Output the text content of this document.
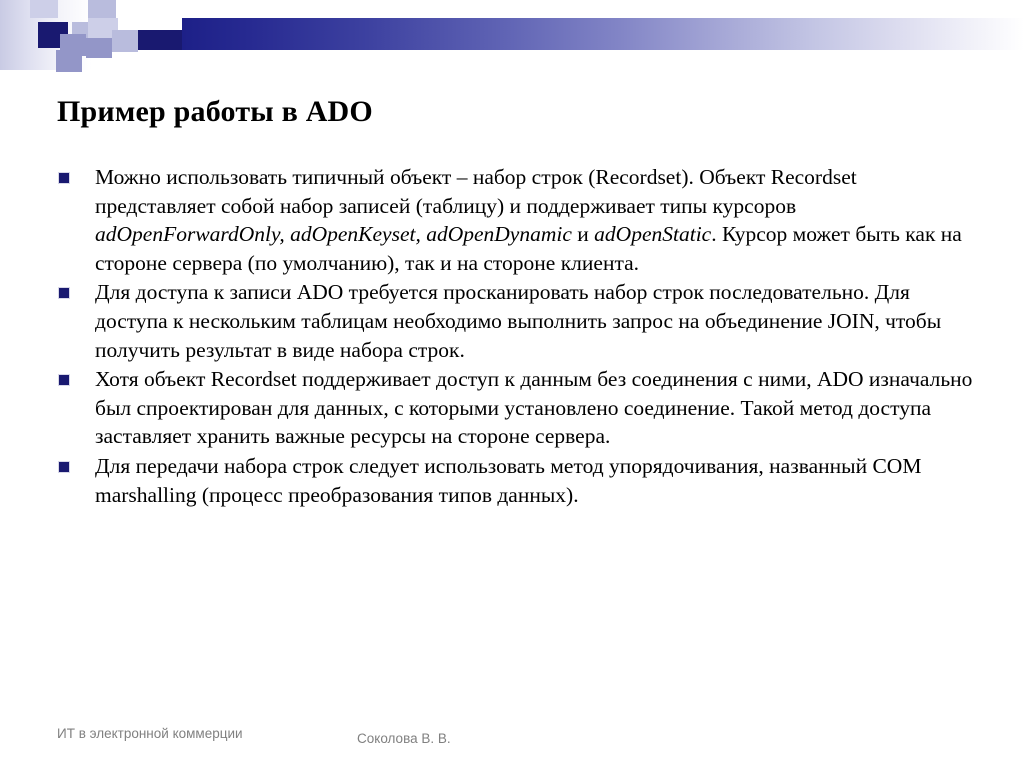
Пример работы в ADO
Можно использовать типичный объект – набор строк (Recordset). Объект Recordset представляет собой набор записей (таблицу) и поддерживает типы курсоров adOpenForwardOnly, adOpenKeyset, adOpenDynamic и adOpenStatic. Курсор может быть как на стороне сервера (по умолчанию), так и на стороне клиента.
Для доступа к записи ADO требуется просканировать набор строк последовательно. Для доступа к нескольким таблицам необходимо выполнить запрос на объединение JOIN, чтобы получить результат в виде набора строк.
Хотя объект Recordset поддерживает доступ к данным без соединения с ними, ADO изначально был спроектирован для данных, с которыми установлено соединение. Такой метод доступа заставляет хранить важные ресурсы на стороне сервера.
Для передачи набора строк следует использовать метод упорядочивания, названный COM marshalling (процесс преобразования типов данных).
ИТ в электронной коммерции	Соколова В. В.
